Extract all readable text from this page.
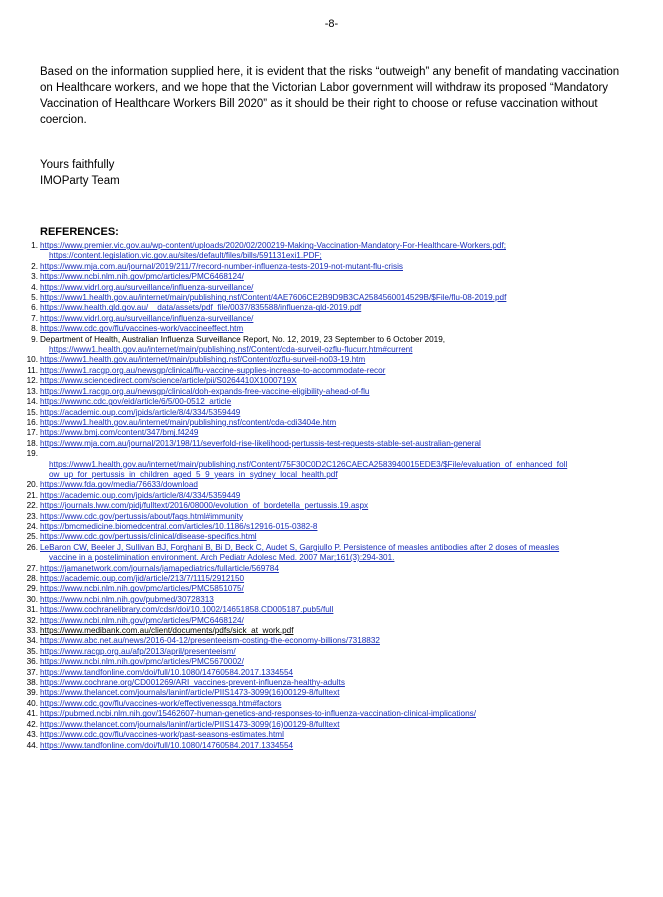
-8-

Based on the information supplied here, it is evident that the risks “outweigh” any benefit of mandating vaccination on Healthcare workers, and we hope that the Victorian Labor government will withdraw its proposed “Mandatory Vaccination of Healthcare Workers Bill 2020” as it should be their right to choose or refuse vaccination without coercion.

Yours faithfully
IMOParty Team
REFERENCES:
1. https://www.premier.vic.gov.au/wp-content/uploads/2020/02/200219-Making-Vaccination-Mandatory-For-Healthcare-Workers.pdf;
https://content.legislation.vic.gov.au/sites/default/files/bills/591131exi1.PDF;
2. https://www.mja.com.au/journal/2019/211/7/record-number-influenza-tests-2019-not-mutant-flu-crisis
3. https://www.ncbi.nlm.nih.gov/pmc/articles/PMC6468124/
4. https://www.vidrl.org.au/surveillance/influenza-surveillance/
5. https://www1.health.gov.au/internet/main/publishing.nsf/Content/4AE7606CE2B9D9B3CA2584560014529B/$File/flu-08-2019.pdf
6. https://www.health.qld.gov.au/__data/assets/pdf_file/0037/835588/influenza-qld-2019.pdf
7. https://www.vidrl.org.au/surveillance/influenza-surveillance/
8. https://www.cdc.gov/flu/vaccines-work/vaccineeffect.htm
9. Department of Health, Australian Influenza Surveillance Report, No. 12, 2019, 23 September to 6 October 2019,
https://www1.health.gov.au/internet/main/publishing.nsf/Content/cda-surveil-ozflu-flucurr.htm#current
10. https://www1.health.gov.au/internet/main/publishing.nsf/Content/ozflu-surveil-no03-19.htm
11. https://www1.racgp.org.au/newsgp/clinical/flu-vaccine-supplies-increase-to-accommodate-recor
12. https://www.sciencedirect.com/science/article/pii/S0264410X1000719X
13. https://www1.racgp.org.au/newsgp/clinical/doh-expands-free-vaccine-eligibility-ahead-of-flu
14. https://wwwnc.cdc.gov/eid/article/6/5/00-0512_article
15. https://academic.oup.com/jpids/article/8/4/334/5359449
16. https://www1.health.gov.au/internet/main/publishing.nsf/content/cda-cdi3404e.htm
17. https://www.bmj.com/content/347/bmj.f4249
18. https://www.mja.com.au/journal/2013/198/11/severfold-rise-likelihood-pertussis-test-requests-stable-set-australian-general
19.

https://www1.health.gov.au/internet/main/publishing.nsf/Content/75F30C0D2C126CAECA2583940015EDE3/$File/evaluation_of_enhanced_foll
ow_up_for_pertussis_in_children_aged_5_9_years_in_sydney_local_health.pdf
20. https://www.fda.gov/media/76633/download
21. https://academic.oup.com/jpids/article/8/4/334/5359449
22. https://journals.lww.com/pidj/fulltext/2016/08000/evolution_of_bordetella_pertussis.19.aspx
23. https://www.cdc.gov/pertussis/about/faqs.html#immunity
24. https://bmcmedicine.biomedcentral.com/articles/10.1186/s12916-015-0382-8
25. https://www.cdc.gov/pertussis/clinical/disease-specifics.html
26. LeBaron CW, Beeler J, Sullivan BJ, Forghani B, Bi D, Beck C, Audet S, Gargiullo P. Persistence of measles antibodies after 2 doses of measles
vaccine in a postelimination environment. Arch Pediatr Adolesc Med. 2007 Mar;161(3):294-301.
27. https://jamanetwork.com/journals/jamapediatrics/fullarticle/569784
28. https://academic.oup.com/jid/article/213/7/1115/2912150
29. https://www.ncbi.nlm.nih.gov/pmc/articles/PMC5851075/
30. https://www.ncbi.nlm.nih.gov/pubmed/30728313
31. https://www.cochranelibrary.com/cdsr/doi/10.1002/14651858.CD005187.pub5/full
32. https://www.ncbi.nlm.nih.gov/pmc/articles/PMC6468124/
33. https://www.medibank.com.au/client/documents/pdfs/sick_at_work.pdf
34. https://www.abc.net.au/news/2016-04-12/presenteeism-costing-the-economy-billions/7318832
35. https://www.racgp.org.au/afp/2013/april/presenteeism/
36. https://www.ncbi.nlm.nih.gov/pmc/articles/PMC5670002/
37. https://www.tandfonline.com/doi/full/10.1080/14760584.2017.1334554
38. https://www.cochrane.org/CD001269/ARI_vaccines-prevent-influenza-healthy-adults
39. https://www.thelancet.com/journals/laninf/article/PIIS1473-3099(16)00129-8/fulltext
40. https://www.cdc.gov/flu/vaccines-work/effectivenessqa.htm#factors
41. https://pubmed.ncbi.nlm.nih.gov/15462607-human-genetics-and-responses-to-influenza-vaccination-clinical-implications/
42. https://www.thelancet.com/journals/laninf/article/PIIS1473-3099(16)00129-8/fulltext
43. https://www.cdc.gov/flu/vaccines-work/past-seasons-estimates.html
44. https://www.tandfonline.com/doi/full/10.1080/14760584.2017.1334554
